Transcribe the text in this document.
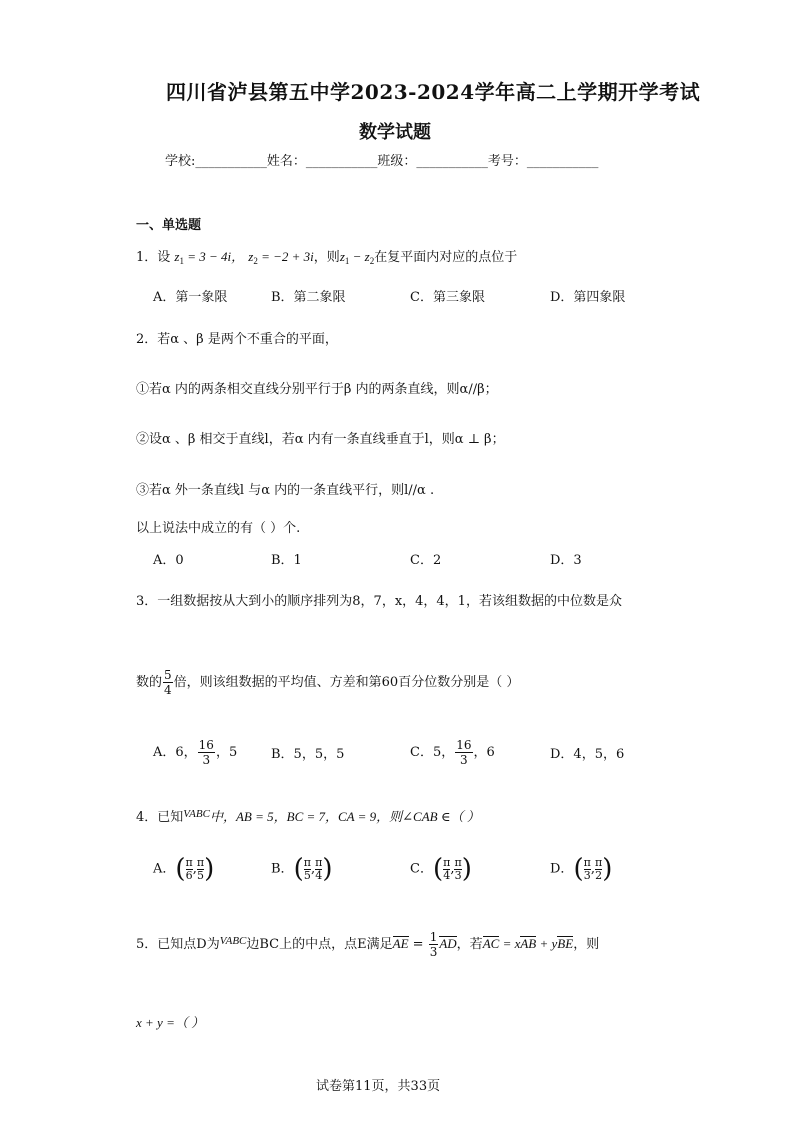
四川省泸县第五中学2023-2024学年高二上学期开学考试
数学试题
学校:___________姓名：___________班级：___________考号：___________
一、单选题
1．设 $z_1 = 3 - 4i$， $z_2 = -2 + 3i$，则$z_1 - z_2$在复平面内对应的点位于
A．第一象限	B．第二象限	C．第三象限	D．第四象限
2．若α 、β 是两个不重合的平面，
①若α 内的两条相交直线分别平行于β 内的两条直线，则α//β；
②设α 、β 相交于直线l，若α 内有一条直线垂直于l，则α ⊥ β；
③若α 外一条直线l 与α 内的一条直线平行，则l//α .
以上说法中成立的有（ ）个.
A．0	B．1	C．2	D．3
3．一组数据按从大到小的顺序排列为8，7，x，4，4，1，若该组数据的中位数是众
数的 $\frac{5}{4}$ 倍，则该组数据的平均值、方差和第60百分位数分别是（ ）
A．6， $\frac{16}{3}$ ，5	B．5，5，5	C．5， $\frac{16}{3}$ ，6	D．4，5，6
4．已知$^{VABC}$中，AB = 5，BC = 7，CA = 9，则∠CAB ∈（ ）
A．( $\frac{\pi}{6}$ , $\frac{\pi}{5}$ )	B．( $\frac{\pi}{5}$ , $\frac{\pi}{4}$ )	C．( $\frac{\pi}{4}$ , $\frac{\pi}{3}$ )	D．( $\frac{\pi}{3}$ , $\frac{\pi}{2}$ )
5．已知点D为$^{VABC}$边BC上的中点，点E满足AE = $\frac{1}{3}$ AD，若AC = xAB + yBE，则
x + y =（ ）
试卷第11页，共33页
